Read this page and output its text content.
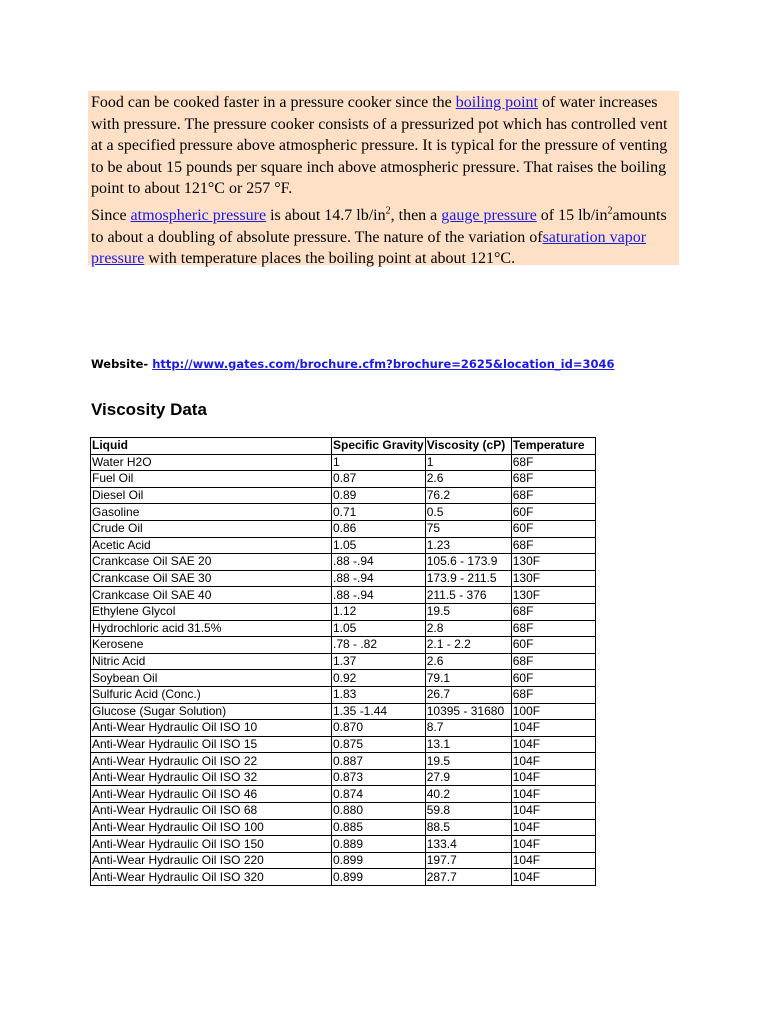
Food can be cooked faster in a pressure cooker since the boiling point of water increases with pressure. The pressure cooker consists of a pressurized pot which has controlled vent at a specified pressure above atmospheric pressure. It is typical for the pressure of venting to be about 15 pounds per square inch above atmospheric pressure. That raises the boiling point to about 121°C or 257 °F.

Since atmospheric pressure is about 14.7 $lb/in^2$, then a gauge pressure of 15 $lb/in^2amounts$ to about a doubling of absolute pressure. The nature of the variation ofsaturation vapor pressure with temperature places the boiling point at about 121°C.

Website- http://www.gates.com/brochure.cfm?brochure=2625&location_id=3046
Viscosity Data
Liquid	Specific Gravity	Viscosity (cP)	Temperature
Water H2O	1	1	68F
Fuel Oil	0.87	2.6	68F
Diesel Oil	0.89	76.2	68F
Gasoline	0.71	0.5	60F
Crude Oil	0.86	75	60F
Acetic Acid	1.05	1.23	68F
Crankcase Oil SAE 20	.88 -.94	105.6 - 173.9	130F
Crankcase Oil SAE 30	.88 -.94	173.9 - 211.5	130F
Crankcase Oil SAE 40	.88 -.94	211.5 - 376	130F
Ethylene Glycol	1.12	19.5	68F
Hydrochloric acid 31.5%	1.05	2.8	68F
Kerosene	.78 - .82	2.1 - 2.2	60F
Nitric Acid	1.37	2.6	68F
Soybean Oil	0.92	79.1	60F
Sulfuric Acid (Conc.)	1.83	26.7	68F
Glucose (Sugar Solution)	1.35 -1.44	10395 - 31680	100F
Anti-Wear Hydraulic Oil ISO 10	0.870	8.7	104F
Anti-Wear Hydraulic Oil ISO 15	0.875	13.1	104F
Anti-Wear Hydraulic Oil ISO 22	0.887	19.5	104F
Anti-Wear Hydraulic Oil ISO 32	0.873	27.9	104F
Anti-Wear Hydraulic Oil ISO 46	0.874	40.2	104F
Anti-Wear Hydraulic Oil ISO 68	0.880	59.8	104F
Anti-Wear Hydraulic Oil ISO 100	0.885	88.5	104F
Anti-Wear Hydraulic Oil ISO 150	0.889	133.4	104F
Anti-Wear Hydraulic Oil ISO 220	0.899	197.7	104F
Anti-Wear Hydraulic Oil ISO 320	0.899	287.7	104F
